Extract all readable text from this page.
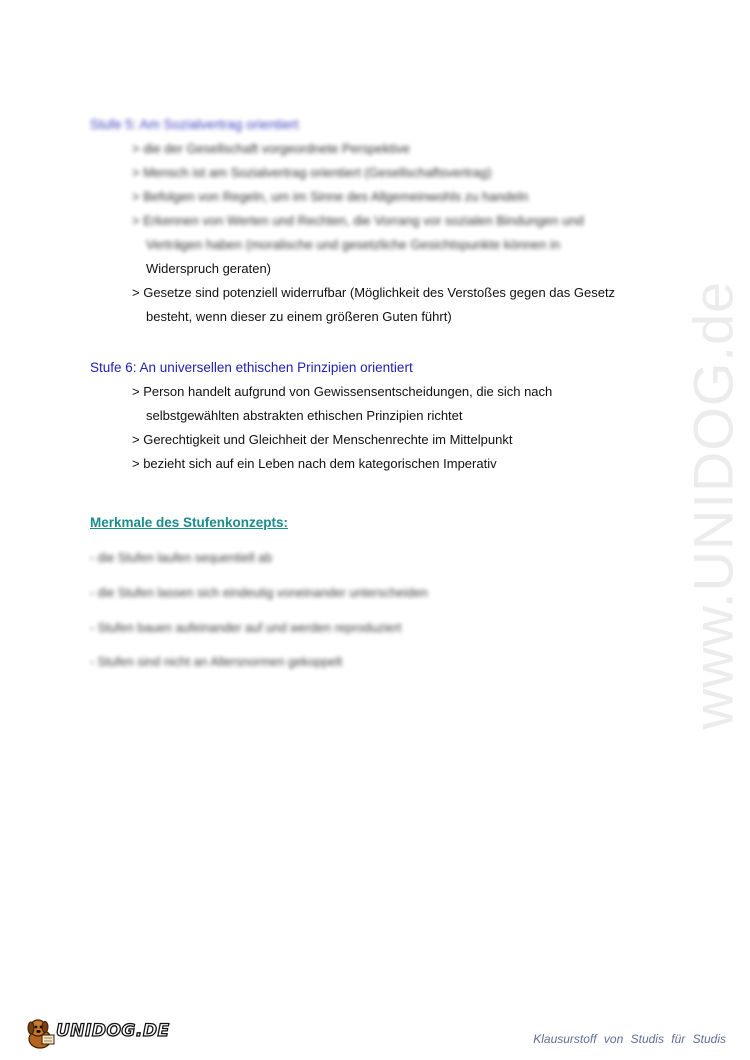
www.UNIDOG.de
Stufe 5: Am Sozialvertrag orientiert
> die der Gesellschaft vorgeordnete Perspektive
> Mensch ist am Sozialvertrag orientiert (Gesellschaftsvertrag)
> Befolgen von Regeln, um im Sinne des Allgemeinwohls zu handeln
> Erkennen von Werten und Rechten, die Vorrang vor sozialen Bindungen und
Verträgen haben (moralische und gesetzliche Gesichtspunkte können in
Widerspruch geraten)
> Gesetze sind potenziell widerrufbar (Möglichkeit des Verstoßes gegen das Gesetz
besteht, wenn dieser zu einem größeren Guten führt)
Stufe 6: An universellen ethischen Prinzipien orientiert
> Person handelt aufgrund von Gewissensentscheidungen, die sich nach
selbstgewählten abstrakten ethischen Prinzipien richtet
> Gerechtigkeit und Gleichheit der Menschenrechte im Mittelpunkt
> bezieht sich auf ein Leben nach dem kategorischen Imperativ
Merkmale des Stufenkonzepts:
- die Stufen laufen sequentiell ab
- die Stufen lassen sich eindeutig voneinander unterscheiden
- Stufen bauen aufeinander auf und werden reproduziert
- Stufen sind nicht an Altersnormen gekoppelt
UNIDOG.DE	Klausurstoff von Studis für Studis
